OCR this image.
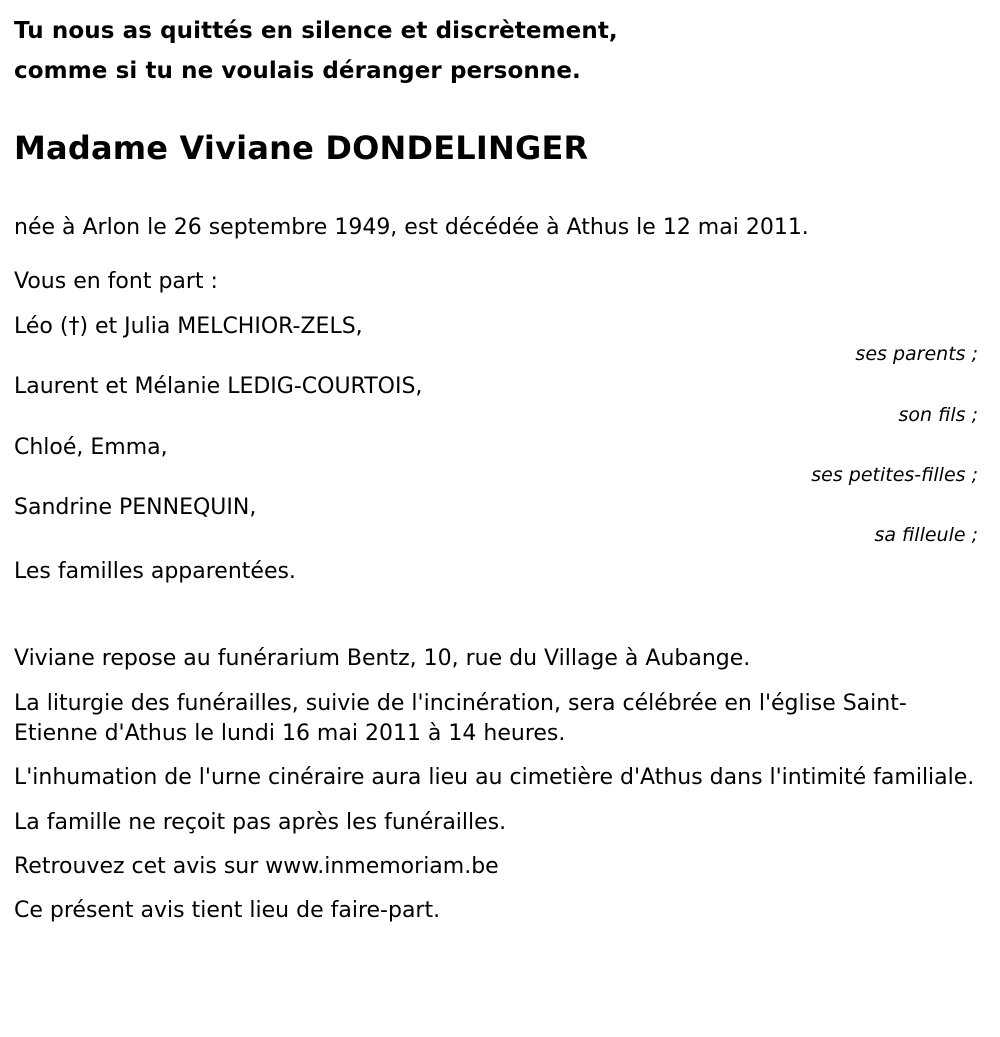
Tu nous as quittés en silence et discrètement,
comme si tu ne voulais déranger personne.
Madame Viviane DONDELINGER
née à Arlon le 26 septembre 1949, est décédée à Athus le 12 mai 2011.
Vous en font part :
Léo (†) et Julia MELCHIOR-ZELS,
ses parents ;
Laurent et Mélanie LEDIG-COURTOIS,
son fils ;
Chloé, Emma,
ses petites-filles ;
Sandrine PENNEQUIN,
sa filleule ;
Les familles apparentées.

Viviane repose au funérarium Bentz, 10, rue du Village à Aubange.

La liturgie des funérailles, suivie de l'incinération, sera célébrée en l'église Saint-Etienne d'Athus le lundi 16 mai 2011 à 14 heures.

L'inhumation de l'urne cinéraire aura lieu au cimetière d'Athus dans l'intimité familiale.

La famille ne reçoit pas après les funérailles.

Retrouvez cet avis sur www.inmemoriam.be

Ce présent avis tient lieu de faire-part.
